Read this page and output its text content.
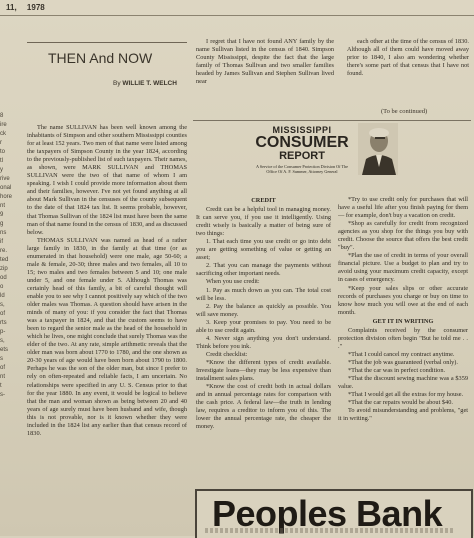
11, 1978
8
ire
ck
r
to
tl
y
rive
onal
hore
nt
9
g
ns
if
re.
ted
zip
od
o
ld
s,
of
rts
p-
s,
ets
s
of
nt
t
s-
THEN And NOW
By WILLIE T. WELCH

I regret that I have not found ANY family by the name Sullivan listed in the census of 1840. Simpson County Mississippi, despite the fact that the large family of Thomas Sullivan and two smaller families headed by James Sullivan and Stephen Sullivan lived near

each other at the time of the census of 1830. Although all of them could have moved away prior to 1840, I also am wondering whether there's some part of that census that I have not found.

(To be continued)

The name SULLIVAN has been well known among the inhabitants of Simpson and other southern Mississippi counties for at least 152 years. Two men of that name were listed among the taxpayers of Simpson County in the year 1824, according to the previously-published list of such taxpayers. Their names, as shown, were MARK SULLIVAN and THOMAS SULLIVAN were the two of that name of whom I am speaking. I wish I could provide more information about them and their families, however. I've not yet found anything at all about Mark Sullivan in the censuses of the county subsequent to the date of that 1824 tax list. It seems probable, however, that Thomas Sullivan of the 1824 list must have been the same man of that name found in the census of 1830, and as discussed below.

THOMAS SULLIVAN was named as head of a rather large family in 1830, in the family at that time (or as enumerated in that household) were one male, age 50-60; a male & female, 20-30; three males and two females, all 10 to 15; two males and two females between 5 and 10; one male under 5, and one female under 5. Although Thomas was certainly head of this family, a bit of careful thought will enable you to see why I cannot positively say which of the two older males was Thomas. A question should have arisen in the minds of many of you: if you consider the fact that Thomas was a taxpayer in 1824, and that the custom seems to have been to regard the senior male as the head of the household in which he lives, one might conclude that surely Thomas was the elder of the two. At any rate, simple arithmetic reveals that the older man was born about 1770 to 1780, and the one shown as 20-30 years of age would have been born about 1790 to 1800. Perhaps he was the son of the older man, but since I prefer to rely on often-repeated and reliable facts, I am uncertain. No relationships were specified in any U. S. Census prior to that for the year 1880. In any event, it would be logical to believe that the man and woman shown as being between 20 and 40 years of age surely must have been husband and wife, though this is not provable, nor is it known whether they were included in the 1824 list any earlier than that census record of 1830.

MISSISSIPPI
CONSUMER
REPORT
A Service of the Consumer Protection Division Of The Office Of A. F. Summer, Attorney General

CREDIT

Credit can be a helpful tool in managing money. It can serve you, if you use it intelligently. Using credit wisely is basically a matter of being sure of two things:

1. That each time you use credit or go into debt you are getting something of value or getting an asset;

2. That you can manage the payments without sacrificing other important needs.

When you use credit:

1. Pay as much down as you can. The total cost will be less.

2. Pay the balance as quickly as possible. You will save money.

3. Keep your promises to pay. You need to be able to use credit again.

4. Never sign anything you don't understand. Think before you ink.

Credit checklist:

*Know the different types of credit available. Investigate loans—they may be less expensive than installment sales plans.

*Know the cost of credit both in actual dollars and in annual percentage rates for comparison with the cash price. A federal law—the truth in lending law, requires a creditor to inform you of this. The lower the annual percentage rate, the cheaper the money.

*Try to use credit only for purchases that will have a useful life after you finish paying for them — for example, don't buy a vacation on credit.

*Shop as carefully for credit from recognized agencies as you shop for the things you buy with credit. Choose the source that offers the best credit "buy".

*Plan the use of credit in terms of your overall financial picture. Use a budget to plan and try to avoid using your maximum credit capacity, except in cases of emergency.

*Keep your sales slips or other accurate records of purchases you charge or buy on time to know how much you will owe at the end of each month.

GET IT IN WRITING

Complaints received by the consumer protection division often begin "But he told me . . ."

*That I could cancel my contract anytime.

*That the job was guaranteed (verbal only).

*That the car was in perfect condition.

*That the discount sewing machine was a $359 value.

*That I would get all the extras for my house.

*That the car repairs would be about $40.

To avoid misunderstanding and problems, "get it in writing."

Peoples Bank
